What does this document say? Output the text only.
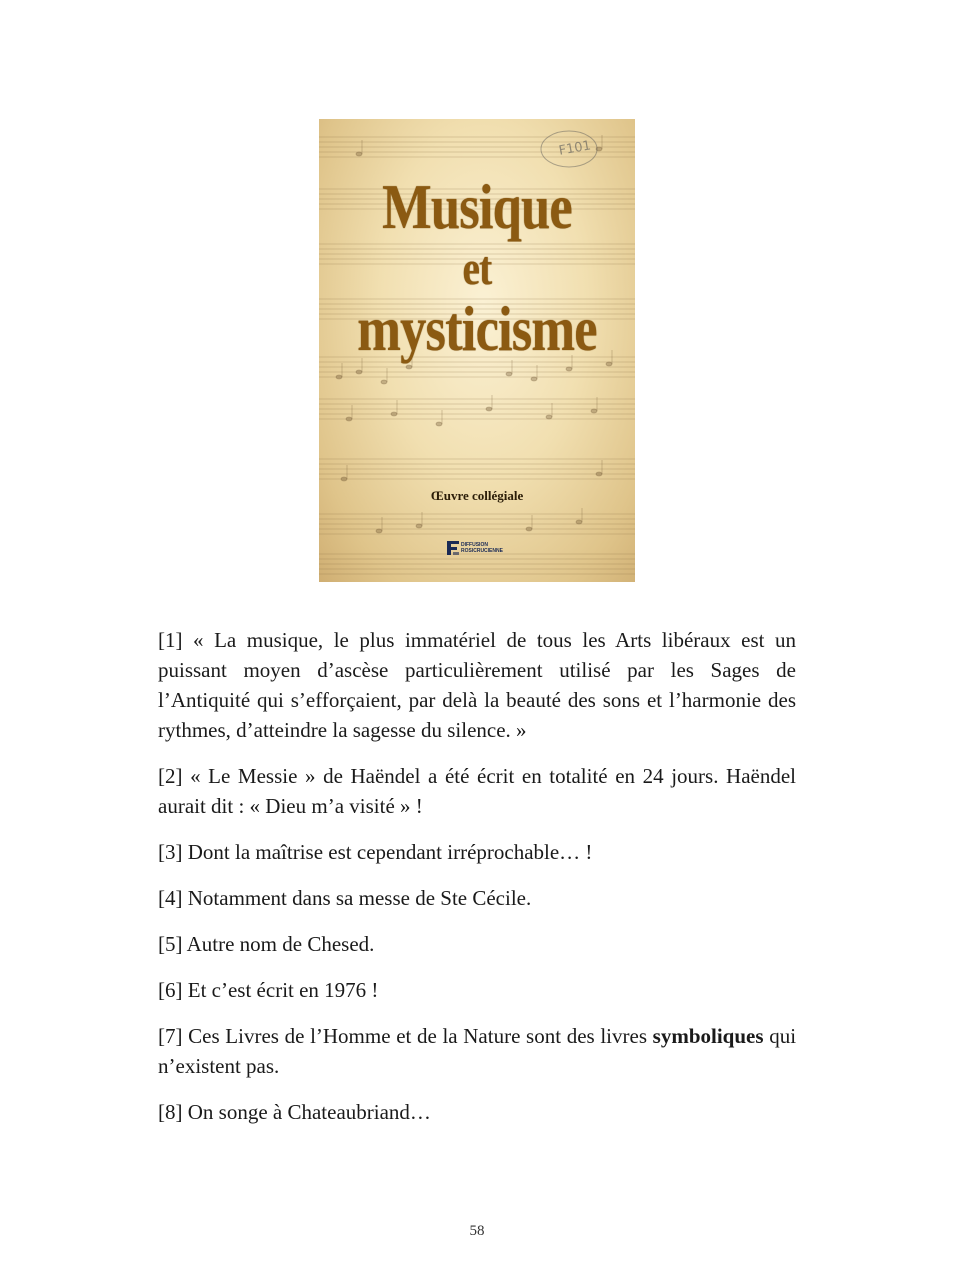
F101
Musique
et
mysticisme
Œuvre collégiale
DIFFUSION
ROSICRUCIENNE

[1] « La musique, le plus immatériel de tous les Arts libéraux est un puissant moyen d’ascèse particulièrement utilisé par les Sages de l’Antiquité qui s’efforçaient, par delà la beauté des sons et l’harmonie des rythmes, d’atteindre la sagesse du silence. »

[2] « Le Messie » de Haëndel a été écrit en totalité en 24 jours. Haëndel aurait dit : « Dieu m’a visité » !

[3] Dont la maîtrise est cependant irréprochable… !

[4] Notamment dans sa messe de Ste Cécile.

[5] Autre nom de Chesed.

[6] Et c’est écrit en 1976 !

[7] Ces Livres de l’Homme et de la Nature sont des livres symboliques qui n’existent pas.

[8] On songe à Chateaubriand…

58
